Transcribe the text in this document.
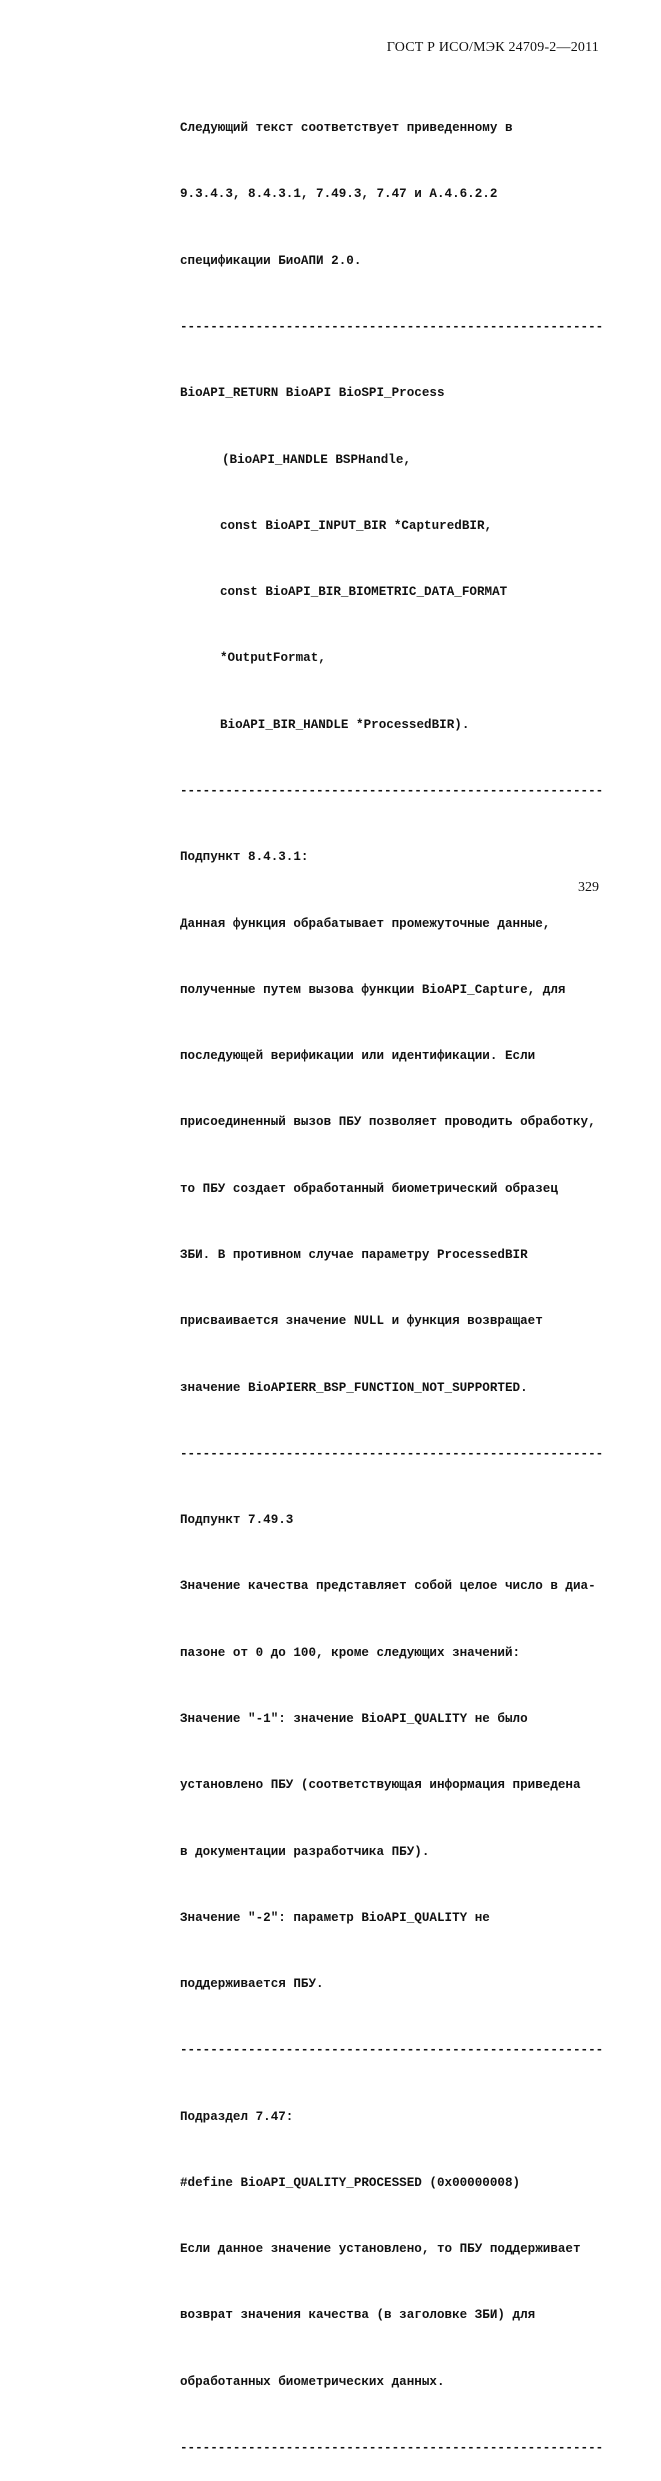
ГОСТ Р ИСО/МЭК 24709-2—2011

Следующий текст соответствует приведенному в

9.3.4.3, 8.4.3.1, 7.49.3, 7.47 и A.4.6.2.2

спецификации БиоАПИ 2.0.

--------------------------------------------------------

BioAPI_RETURN BioAPI BioSPI_Process

(BioAPI_HANDLE BSPHandle,

const BioAPI_INPUT_BIR *CapturedBIR,

const BioAPI_BIR_BIOMETRIC_DATA_FORMAT

*OutputFormat,

BioAPI_BIR_HANDLE *ProcessedBIR).

--------------------------------------------------------

Подпункт 8.4.3.1:

Данная функция обрабатывает промежуточные данные,

полученные путем вызова функции BioAPI_Capture, для

последующей верификации или идентификации. Если

присоединенный вызов ПБУ позволяет проводить обработку,

то ПБУ создает обработанный биометрический образец

ЗБИ. В противном случае параметру ProcessedBIR

присваивается значение NULL и функция возвращает

значение BioAPIERR_BSP_FUNCTION_NOT_SUPPORTED.

--------------------------------------------------------

Подпункт 7.49.3

Значение качества представляет собой целое число в диа-

пазоне от 0 до 100, кроме следующих значений:

Значение "-1": значение BioAPI_QUALITY не было

установлено ПБУ (соответствующая информация приведена

в документации разработчика ПБУ).

Значение "-2": параметр BioAPI_QUALITY не

поддерживается ПБУ.

--------------------------------------------------------

Подраздел 7.47:

#define BioAPI_QUALITY_PROCESSED (0x00000008)

Если данное значение установлено, то ПБУ поддерживает

возврат значения качества (в заголовке ЗБИ) для

обработанных биометрических данных.

--------------------------------------------------------

329
